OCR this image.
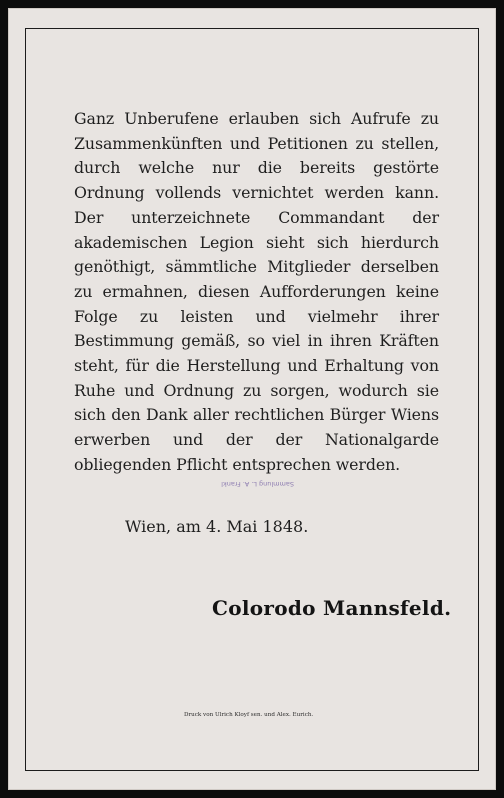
Ganz Unberufene erlauben sich Aufrufe zu Zusammenkünften und Petitionen zu stellen, durch welche nur die bereits gestörte Ordnung vollends vernichtet werden kann. Der unterzeichnete Commandant der akademischen Legion sieht sich hierdurch genöthigt, sämmtliche Mitglieder derselben zu ermahnen, diesen Aufforderungen keine Folge zu leisten und vielmehr ihrer Bestimmung gemäß, so viel in ihren Kräften steht, für die Herstellung und Erhaltung von Ruhe und Ordnung zu sorgen, wodurch sie sich den Dank aller rechtlichen Bürger Wiens erwerben und der der Nationalgarde obliegenden Pflicht entsprechen werden.

Sammlung L. A. Frankl
Wien, am 4. Mai 1848.
Colorodo Mannsfeld.
Druck von Ulrich Kloyf sen. und Alex. Eurich.
